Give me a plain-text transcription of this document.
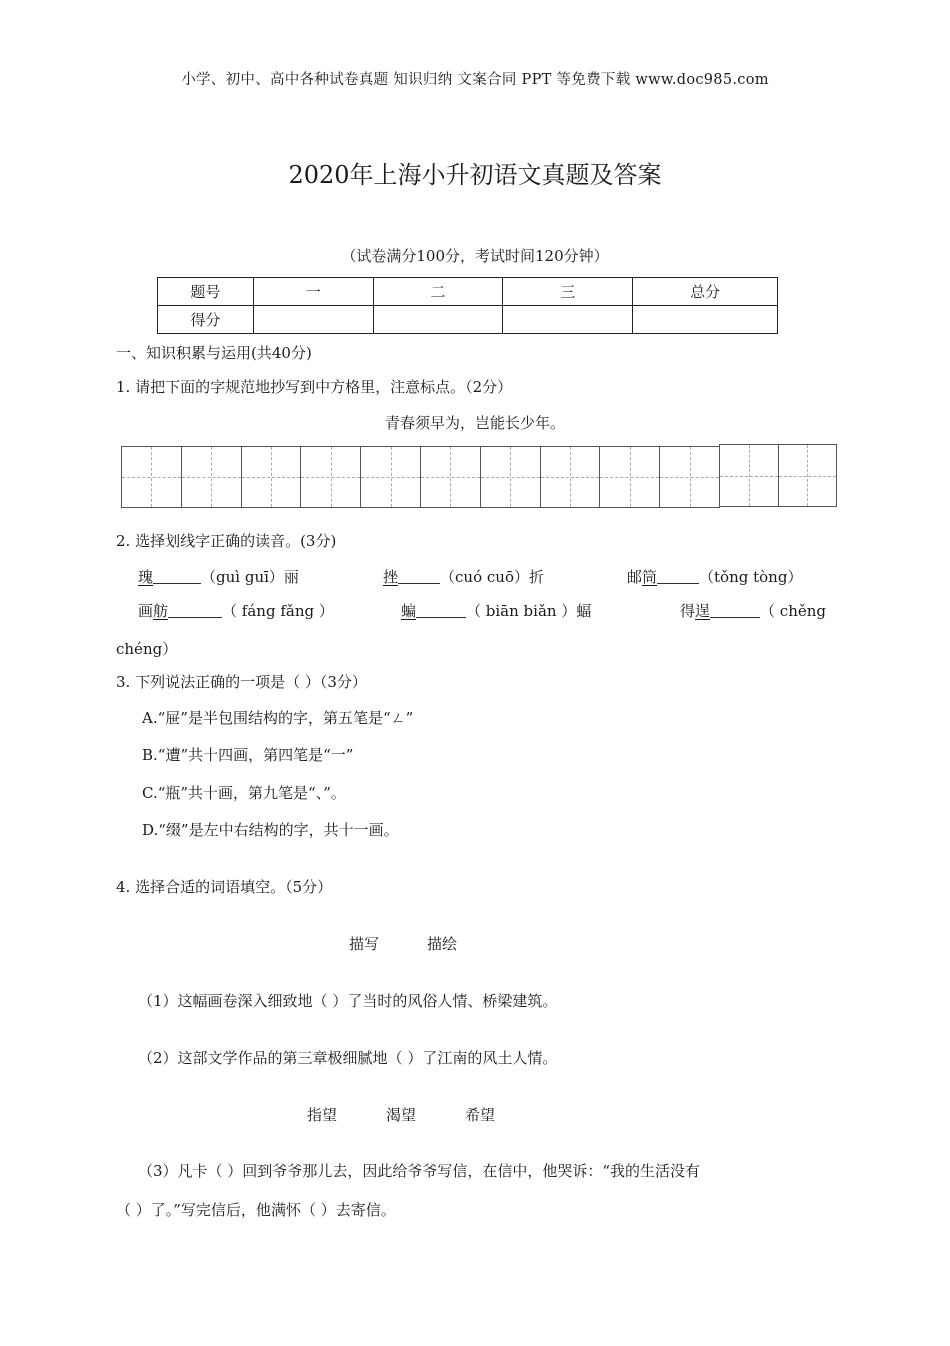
小学、初中、高中各种试卷真题 知识归纳 文案合同 PPT 等免费下载 www.doc985.com
2020年上海小升初语文真题及答案
（试卷满分100分，考试时间120分钟）
题号	一	二	三	总分
得分				
一、知识积累与运用(共40分)
1. 请把下面的字规范地抄写到中方格里，注意标点。（2分）
青春须早为，岂能长少年。
2. 选择划线字正确的读音。(3分)
瑰	（guì guī）丽	挫	（cuó cuō）折	邮筒	（tǒng tòng）
画舫	（ fáng fǎng ）	蝙	（ biān biǎn ）蝠	得逞	（ chěng
chéng）
3. 下列说法正确的一项是（ ）（3分）
A.“屉”是半包围结构的字，第五笔是“ㄥ”
B.“遭”共十四画，第四笔是“一”
C.“瓶”共十画，第九笔是“、”。
D.“缀”是左中右结构的字，共十一画。
4. 选择合适的词语填空。（5分）
描写	描绘
（1）这幅画卷深入细致地（ ）了当时的风俗人情、桥梁建筑。
（2）这部文学作品的第三章极细腻地（ ）了江南的风土人情。
指望	渴望	希望
（3）凡卡（ ）回到爷爷那儿去，因此给爷爷写信，在信中，他哭诉：“我的生活没有
（ ）了。”写完信后，他满怀（ ）去寄信。
